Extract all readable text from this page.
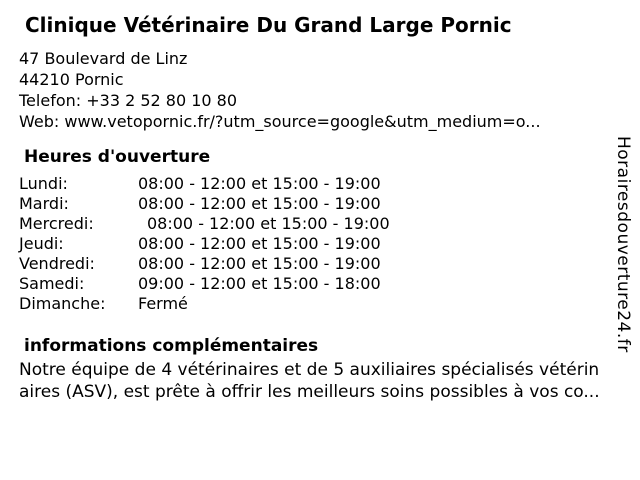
Clinique Vétérinaire Du Grand Large Pornic
47 Boulevard de Linz
44210 Pornic
Telefon: +33 2 52 80 10 80
Web: www.vetopornic.fr/?utm_source=google&utm_medium=o...
Heures d'ouverture
Lundi:	08:00 - 12:00 et 15:00 - 19:00
Mardi:	08:00 - 12:00 et 15:00 - 19:00
Mercredi:	08:00 - 12:00 et 15:00 - 19:00
Jeudi:	08:00 - 12:00 et 15:00 - 19:00
Vendredi:	08:00 - 12:00 et 15:00 - 19:00
Samedi:	09:00 - 12:00 et 15:00 - 18:00
Dimanche: Fermé
informations complémentaires
Notre équipe de 4 vétérinaires et de 5 auxiliaires spécialisés vétérin
aires (ASV), est prête à offrir les meilleurs soins possibles à vos co...
Horairesdouverture24.fr
